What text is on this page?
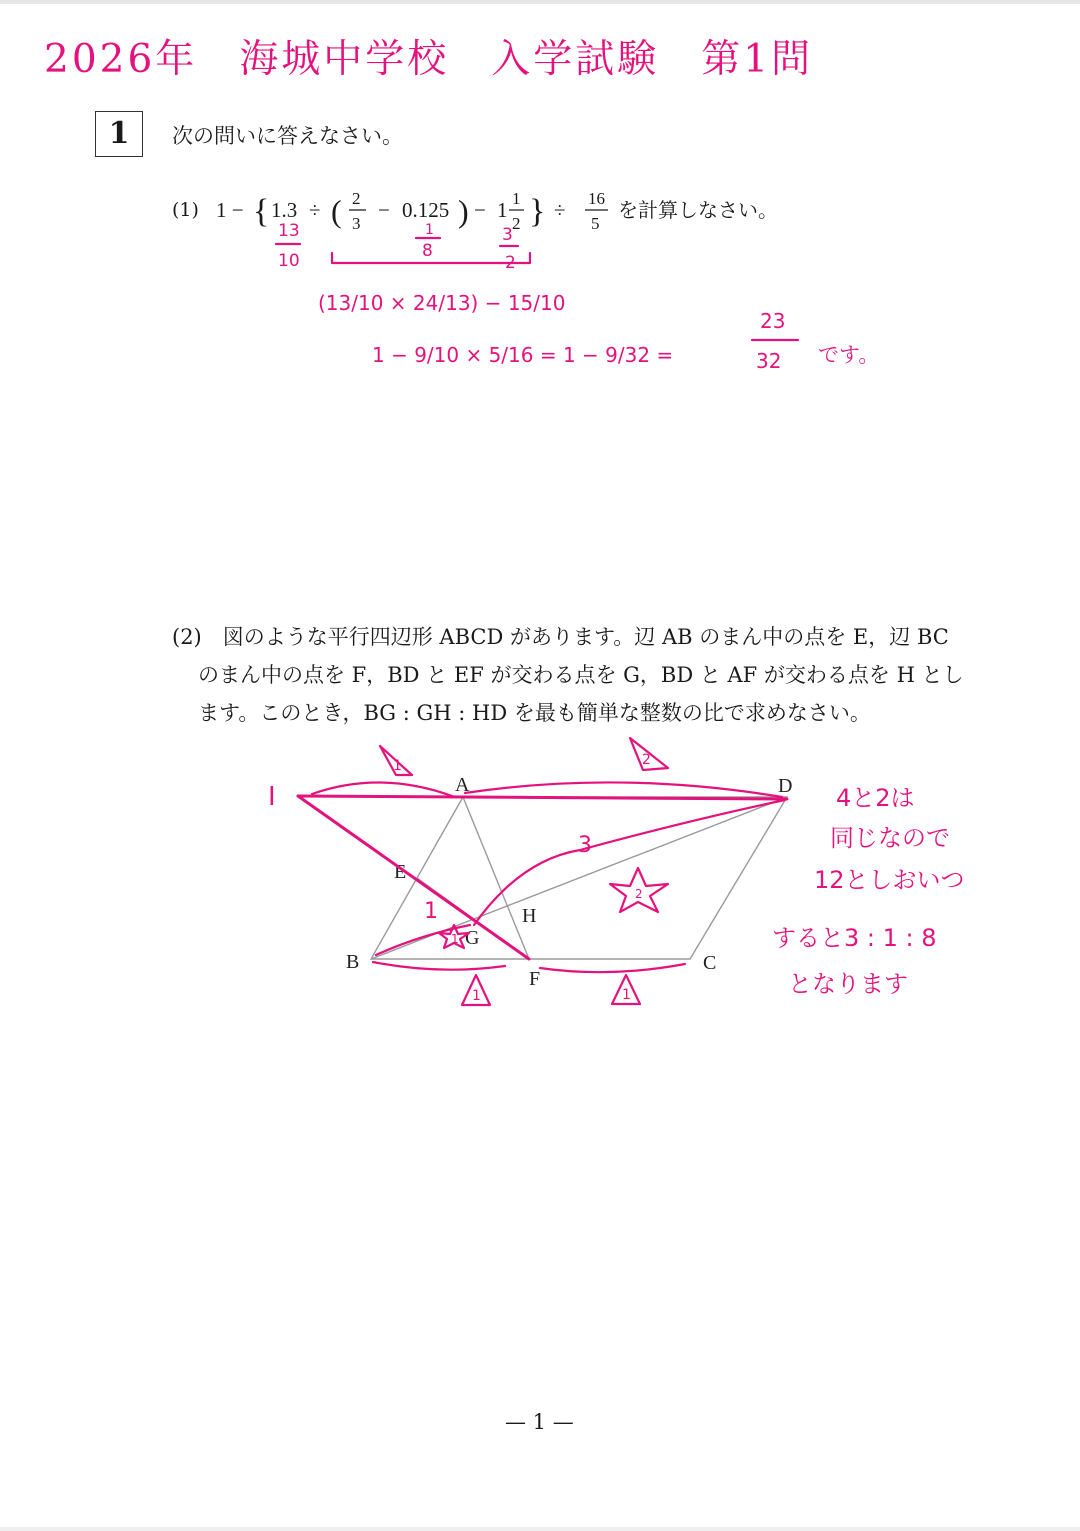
2026年　海城中学校　入学試験　第1問
1	次の問いに答えなさい。
(1) 1 − { 1.3 ÷ ( 2
3
− 0.125 ) − 1 1
2 } ÷ 16
5
を計算しなさい。
13
10
1
8
3
2
(13/10 × 24/13) − 15/10
1 − 9/10 × 5/16 = 1 − 9/32 =
23
32 です。
(2)　 図のような平行四辺形 ABCD があります。辺 AB のまん中の点を E，辺 BC
のまん中の点を F，BD と EF が交わる点を G，BD と AF が交わる点を H とし
ます。このとき，BG : GH : HD を最も簡単な整数の比で求めなさい。
A
B	C
D
E
F
G
H
I
1	2
1	1
3
1
2
1
4と2は
同じなので
12としおいつ
すると3 : 1 : 8
となります
— 1 —
